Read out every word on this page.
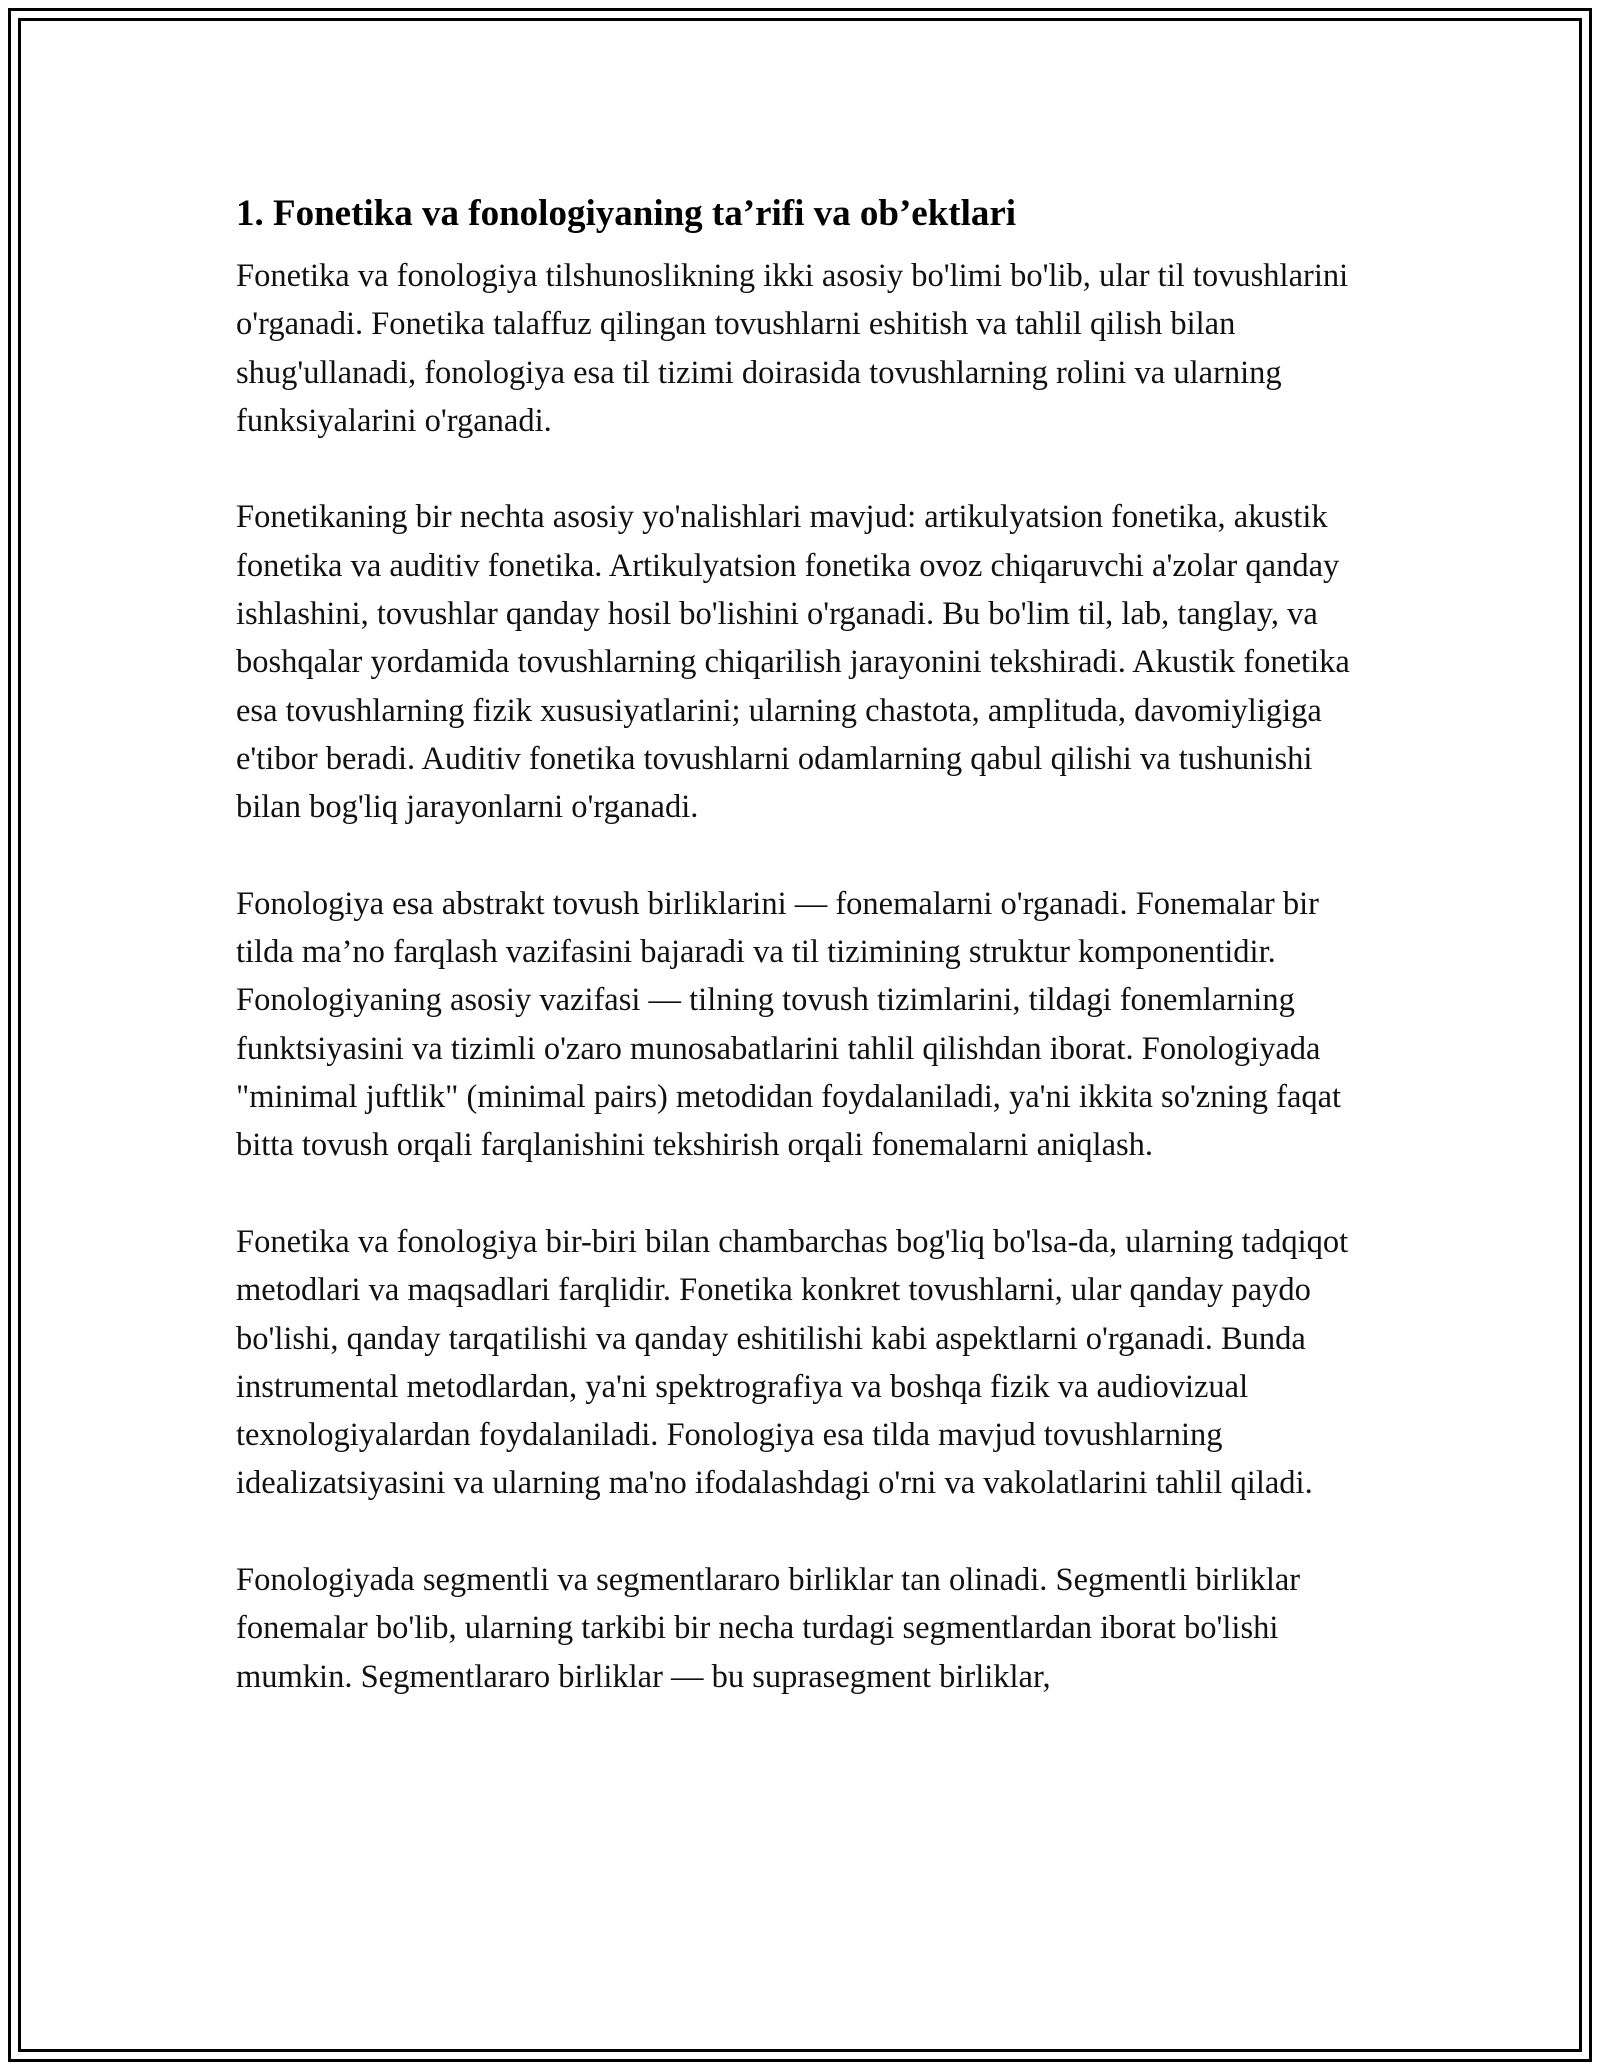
1. Fonetika va fonologiyaning ta’rifi va ob’ektlari

Fonetika va fonologiya tilshunoslikning ikki asosiy bo'limi bo'lib, ular til tovushlarini o'rganadi. Fonetika talaffuz qilingan tovushlarni eshitish va tahlil qilish bilan shug'ullanadi, fonologiya esa til tizimi doirasida tovushlarning rolini va ularning funksiyalarini o'rganadi.

Fonetikaning bir nechta asosiy yo'nalishlari mavjud: artikulyatsion fonetika, akustik fonetika va auditiv fonetika. Artikulyatsion fonetika ovoz chiqaruvchi a'zolar qanday ishlashini, tovushlar qanday hosil bo'lishini o'rganadi. Bu bo'lim til, lab, tanglay, va boshqalar yordamida tovushlarning chiqarilish jarayonini tekshiradi. Akustik fonetika esa tovushlarning fizik xususiyatlarini; ularning chastota, amplituda, davomiyligiga e'tibor beradi. Auditiv fonetika tovushlarni odamlarning qabul qilishi va tushunishi bilan bog'liq jarayonlarni o'rganadi.

Fonologiya esa abstrakt tovush birliklarini — fonemalarni o'rganadi. Fonemalar bir tilda ma’no farqlash vazifasini bajaradi va til tizimining struktur komponentidir. Fonologiyaning asosiy vazifasi — tilning tovush tizimlarini, tildagi fonemlarning funktsiyasini va tizimli o'zaro munosabatlarini tahlil qilishdan iborat. Fonologiyada "minimal juftlik" (minimal pairs) metodidan foydalaniladi, ya'ni ikkita so'zning faqat bitta tovush orqali farqlanishini tekshirish orqali fonemalarni aniqlash.

Fonetika va fonologiya bir-biri bilan chambarchas bog'liq bo'lsa-da, ularning tadqiqot metodlari va maqsadlari farqlidir. Fonetika konkret tovushlarni, ular qanday paydo bo'lishi, qanday tarqatilishi va qanday eshitilishi kabi aspektlarni o'rganadi. Bunda instrumental metodlardan, ya'ni spektrografiya va boshqa fizik va audiovizual texnologiyalardan foydalaniladi. Fonologiya esa tilda mavjud tovushlarning idealizatsiyasini va ularning ma'no ifodalashdagi o'rni va vakolatlarini tahlil qiladi.

Fonologiyada segmentli va segmentlararo birliklar tan olinadi. Segmentli birliklar fonemalar bo'lib, ularning tarkibi bir necha turdagi segmentlardan iborat bo'lishi mumkin. Segmentlararo birliklar — bu suprasegment birliklar,
